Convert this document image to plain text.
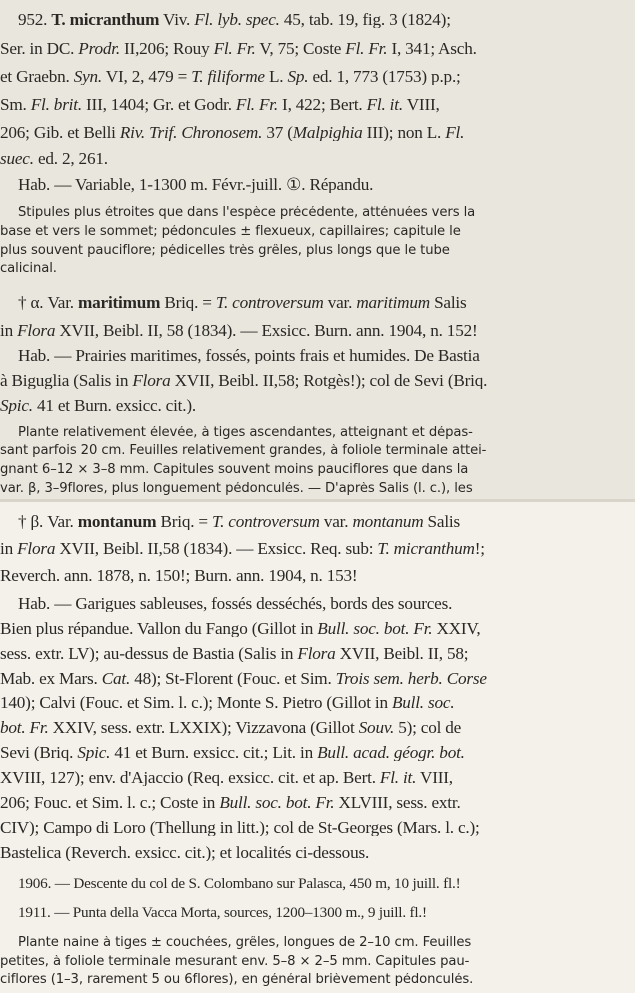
952. T. micranthum Viv. Fl. lyb. spec. 45, tab. 19, fig. 3 (1824);
Ser. in DC. Prodr. II,206; Rouy Fl. Fr. V, 75; Coste Fl. Fr. I, 341; Asch.
et Graebn. Syn. VI, 2, 479 = T. filiforme L. Sp. ed. 1, 773 (1753) p.p.;
Sm. Fl. brit. III, 1404; Gr. et Godr. Fl. Fr. I, 422; Bert. Fl. it. VIII,
206; Gib. et Belli Riv. Trif. Chronosem. 37 (Malpighia III); non L. Fl.
suec. ed. 2, 261.
Hab. — Variable, 1-1300 m. Févr.-juill. ①. Répandu.
Stipules plus étroites que dans l'espèce précédente, atténuées vers la
base et vers le sommet; pédoncules ± flexueux, capillaires; capitule le
plus souvent pauciflore; pédicelles très grêles, plus longs que le tube
calicinal.
† α. Var. maritimum Briq. = T. controversum var. maritimum Salis
in Flora XVII, Beibl. II, 58 (1834). — Exsicc. Burn. ann. 1904, n. 152!
Hab. — Prairies maritimes, fossés, points frais et humides. De Bastia
à Biguglia (Salis in Flora XVII, Beibl. II,58; Rotgès!); col de Sevi (Briq.
Spic. 41 et Burn. exsicc. cit.).
Plante relativement élevée, à tiges ascendantes, atteignant et dépas-
sant parfois 20 cm. Feuilles relativement grandes, à foliole terminale attei-
gnant 6–12 × 3–8 mm. Capitules souvent moins pauciflores que dans la
var. β, 3–9flores, plus longuement pédonculés. — D'après Salis (l. c.), les
† β. Var. montanum Briq. = T. controversum var. montanum Salis
in Flora XVII, Beibl. II,58 (1834). — Exsicc. Req. sub: T. micranthum!;
Reverch. ann. 1878, n. 150!; Burn. ann. 1904, n. 153!
Hab. — Garigues sableuses, fossés desséchés, bords des sources.
Bien plus répandue. Vallon du Fango (Gillot in Bull. soc. bot. Fr. XXIV,
sess. extr. LV); au-dessus de Bastia (Salis in Flora XVII, Beibl. II, 58;
Mab. ex Mars. Cat. 48); St-Florent (Fouc. et Sim. Trois sem. herb. Corse
140); Calvi (Fouc. et Sim. l. c.); Monte S. Pietro (Gillot in Bull. soc.
bot. Fr. XXIV, sess. extr. LXXIX); Vizzavona (Gillot Souv. 5); col de
Sevi (Briq. Spic. 41 et Burn. exsicc. cit.; Lit. in Bull. acad. géogr. bot.
XVIII, 127); env. d'Ajaccio (Req. exsicc. cit. et ap. Bert. Fl. it. VIII,
206; Fouc. et Sim. l. c.; Coste in Bull. soc. bot. Fr. XLVIII, sess. extr.
CIV); Campo di Loro (Thellung in litt.); col de St-Georges (Mars. l. c.);
Bastelica (Reverch. exsicc. cit.); et localités ci-dessous.
1906. — Descente du col de S. Colombano sur Palasca, 450 m, 10 juill. fl.!
1911. — Punta della Vacca Morta, sources, 1200–1300 m., 9 juill. fl.!
Plante naine à tiges ± couchées, grêles, longues de 2–10 cm. Feuilles
petites, à foliole terminale mesurant env. 5–8 × 2–5 mm. Capitules pau-
ciflores (1–3, rarement 5 ou 6flores), en général brièvement pédonculés.
